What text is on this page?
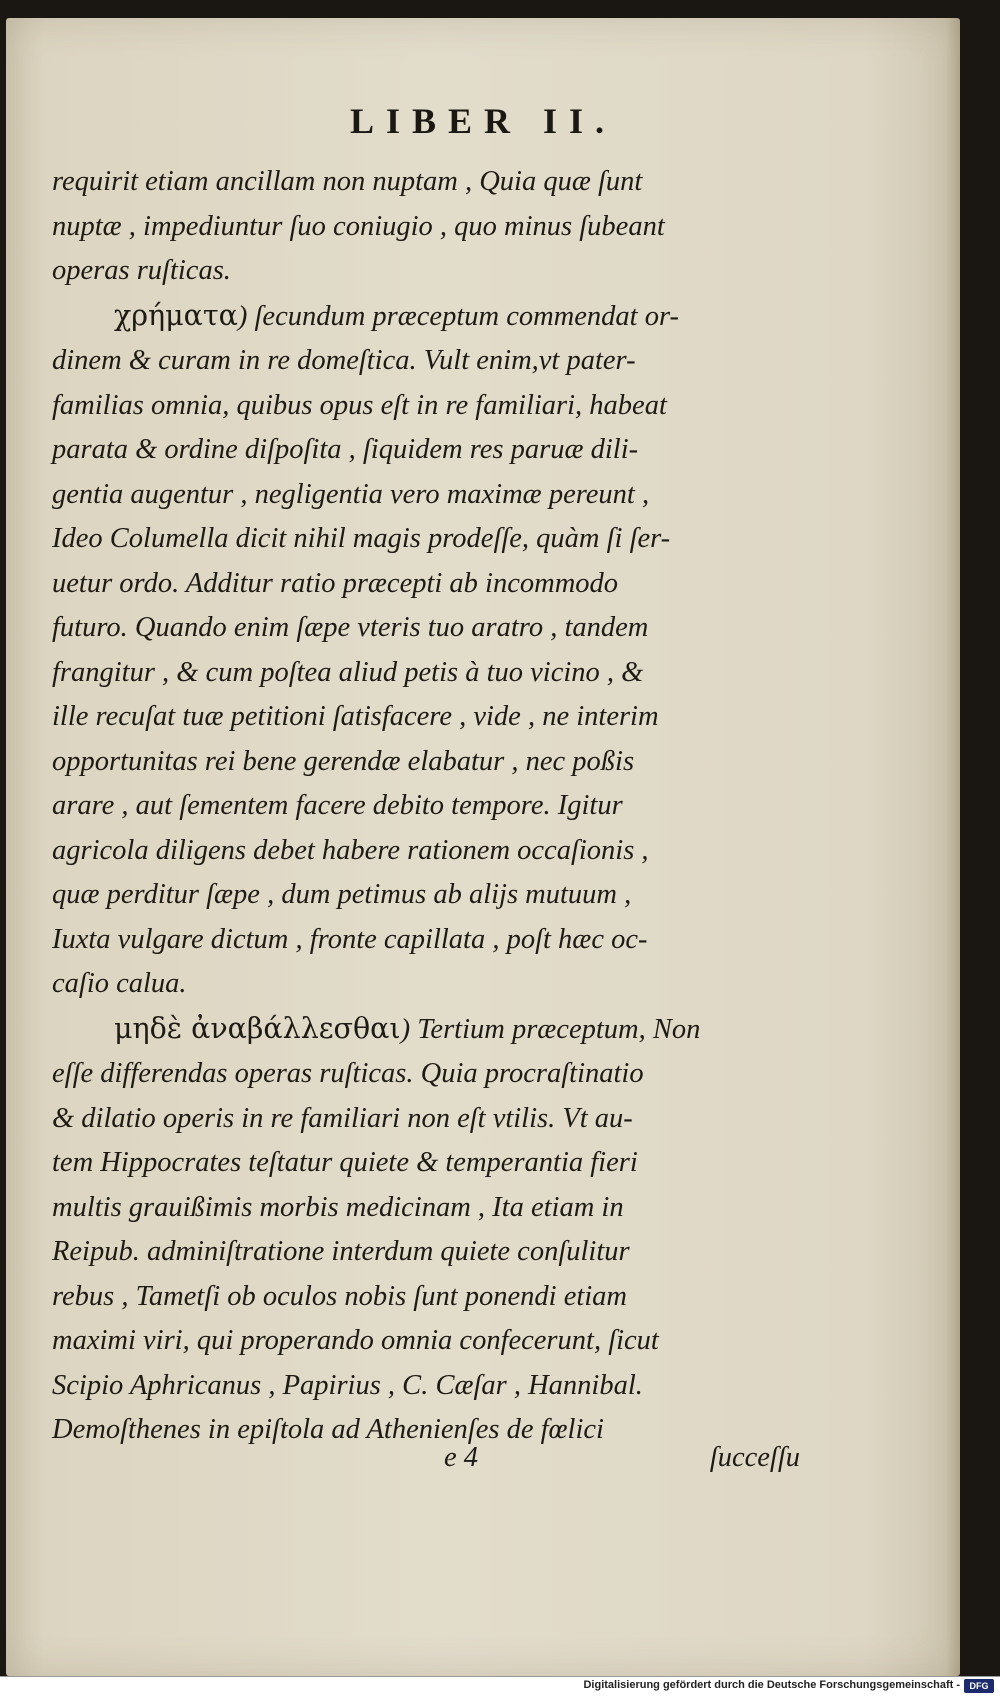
LIBER II.
requirit etiam ancillam non nuptam , Quia quæ ſunt
nuptæ , impediuntur ſuo coniugio , quo minus ſubeant
operas ruſticas.
χρήματα) ſecundum præceptum commendat or-
dinem & curam in re domeſtica. Vult enim,vt pater-
familias omnia, quibus opus eſt in re familiari, habeat
parata & ordine diſpoſita , ſiquidem res paruæ dili-
gentia augentur , negligentia vero maximæ pereunt ,
Ideo Columella dicit nihil magis prodeſſe, quàm ſi ſer-
uetur ordo. Additur ratio præcepti ab incommodo
futuro. Quando enim ſæpe vteris tuo aratro , tandem
frangitur , & cum poſtea aliud petis à tuo vicino , &
ille recuſat tuæ petitioni ſatisfacere , vide , ne interim
opportunitas rei bene gerendæ elabatur , nec poßis
arare , aut ſementem facere debito tempore. Igitur
agricola diligens debet habere rationem occaſionis ,
quæ perditur ſæpe , dum petimus ab alijs mutuum ,
Iuxta vulgare dictum , fronte capillata , poſt hæc oc-
caſio calua.
μηδὲ ἀναβάλλεσθαι) Tertium præceptum, Non
eſſe differendas operas ruſticas. Quia procraſtinatio
& dilatio operis in re familiari non eſt vtilis. Vt au-
tem Hippocrates teſtatur quiete & temperantia fieri
multis grauißimis morbis medicinam , Ita etiam in
Reipub. adminiſtratione interdum quiete conſulitur
rebus , Tametſi ob oculos nobis ſunt ponendi etiam
maximi viri, qui properando omnia confecerunt, ſicut
Scipio Aphricanus , Papirius , C. Cæſar , Hannibal.
Demoſthenes in epiſtola ad Athenienſes de fœlici
e 4	ſucceſſu
Digitalisierung gefördert durch die Deutsche Forschungsgemeinschaft -	DFG
